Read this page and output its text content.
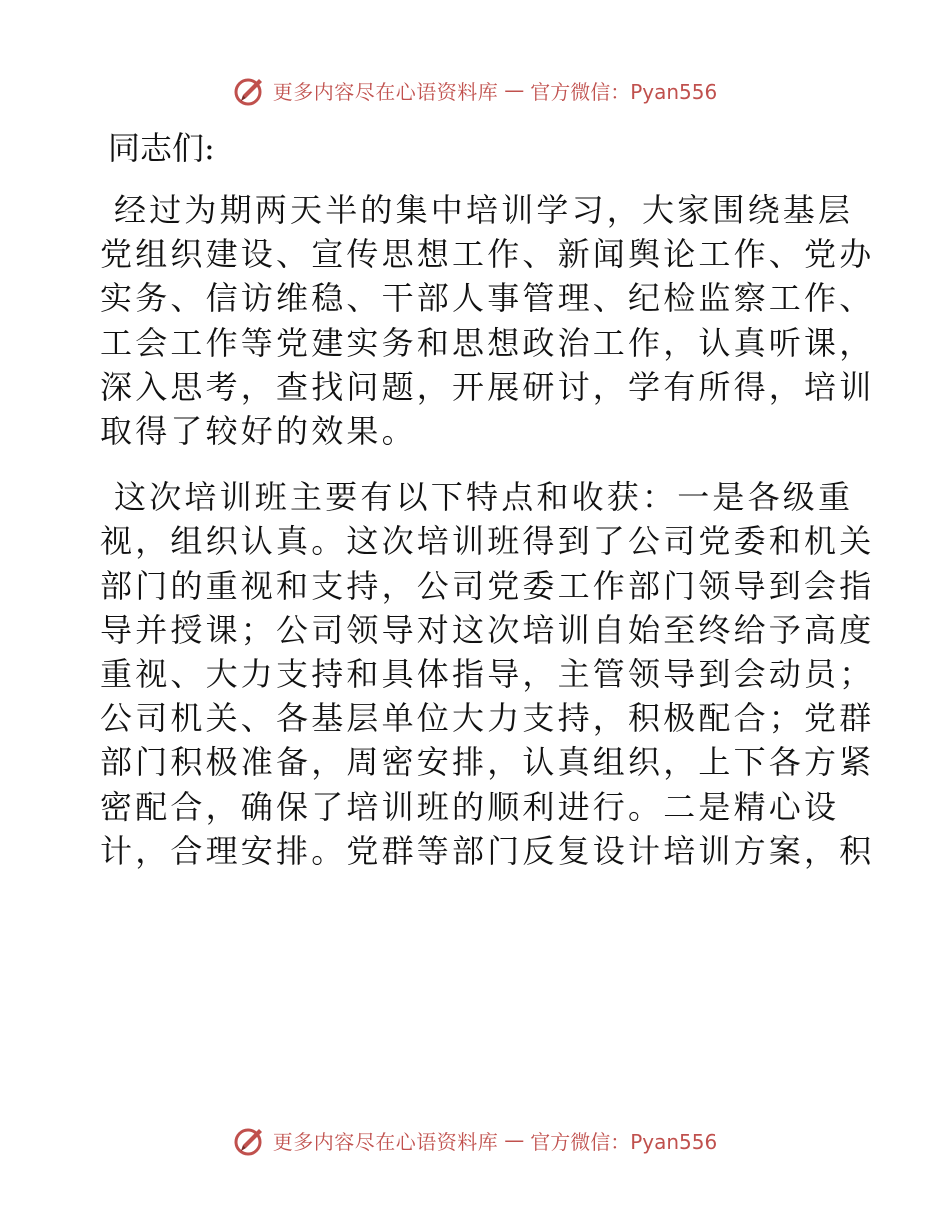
更多内容尽在心语资料库 — 官方微信：Pyan556
同志们:
经过为期两天半的集中培训学习，大家围绕基层
党组织建设、宣传思想工作、新闻舆论工作、党办
实务、信访维稳、干部人事管理、纪检监察工作、
工会工作等党建实务和思想政治工作，认真听课，
深入思考，查找问题，开展研讨，学有所得，培训
取得了较好的效果。
这次培训班主要有以下特点和收获：一是各级重
视，组织认真。这次培训班得到了公司党委和机关
部门的重视和支持，公司党委工作部门领导到会指
导并授课；公司领导对这次培训自始至终给予高度
重视、大力支持和具体指导，主管领导到会动员；
公司机关、各基层单位大力支持，积极配合；党群
部门积极准备，周密安排，认真组织，上下各方紧
密配合，确保了培训班的顺利进行。二是精心设
计，合理安排。党群等部门反复设计培训方案，积
更多内容尽在心语资料库 — 官方微信：Pyan556
